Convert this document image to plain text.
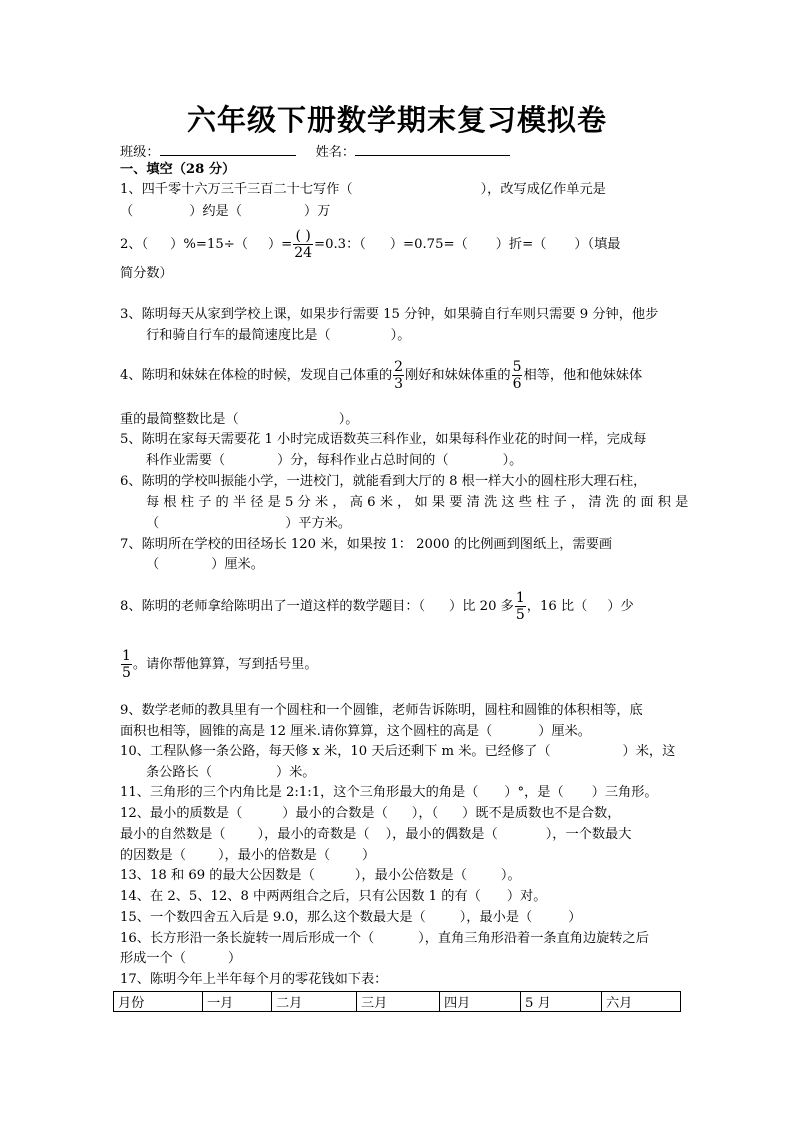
六年级下册数学期末复习模拟卷
班级：	姓名：
一、填空（28 分）
1、四千零十六万三千三百二十七写作（	），改写成亿作单元是
（	）约是（	）万
2、（ ）%=15÷（ ）= $\frac{( )}{24} =0.3$：（ ）=0.75=（ ）折=（ ）（填最
简分数）
3、陈明每天从家到学校上课，如果步行需要 15 分钟，如果骑自行车则只需要 9 分钟，他步
行和骑自行车的最简速度比是（	）。
4、陈明和妹妹在体检的时候，发现自己体重的 $\frac{2}{3}$ 刚好和妹妹体重的 $\frac{5}{6}$ 相等，他和他妹妹体
重的最简整数比是（	）。
5、陈明在家每天需要花 1 小时完成语数英三科作业，如果每科作业花的时间一样，完成每
科作业需要（	）分，每科作业占总时间的（	）。
6、陈明的学校叫振能小学，一进校门，就能看到大厅的 8 根一样大小的圆柱形大理石柱，
每 根 柱 子 的 半 径 是 5 分 米 ， 高 6 米 ， 如 果 要 清 洗 这 些 柱 子 ， 清 洗 的 面 积 是
（	）平方米。
7、陈明所在学校的田径场长 120 米，如果按 1： 2000 的比例画到图纸上，需要画
（	）厘米。
8、陈明的老师拿给陈明出了一道这样的数学题目：（ ）比 20 多 $\frac{1}{5}$ ，16 比（ ）少
$\frac{1}{5}$ 。请你帮他算算，写到括号里。
9、数学老师的教具里有一个圆柱和一个圆锥，老师告诉陈明，圆柱和圆锥的体积相等，底
面积也相等，圆锥的高是 12 厘米.请你算算，这个圆柱的高是（	）厘米。
10、工程队修一条公路，每天修 x 米，10 天后还剩下 m 米。已经修了（	）米，这
条公路长（	）米。
11、三角形的三个内角比是 2:1:1，这个三角形最大的角是（ ）°，是（ ）三角形。
12、最小的质数是（	）最小的合数是（ ），（ ）既不是质数也不是合数，
最小的自然数是（ ），最小的奇数是（ ），最小的偶数是（	），一个数最大
的因数是（ ），最小的倍数是（ ）
13、18 和 69 的最大公因数是（	），最小公倍数是（	）。
14、在 2、5、12、8 中两两组合之后，只有公因数 1 的有（ ）对。
15、一个数四舍五入后是 9.0，那么这个数最大是（	），最小是（	）
16、长方形沿一条长旋转一周后形成一个（	），直角三角形沿着一条直角边旋转之后
形成一个（	）
17、陈明今年上半年每个月的零花钱如下表：
月份	一月	二月	三月	四月	5 月	六月
